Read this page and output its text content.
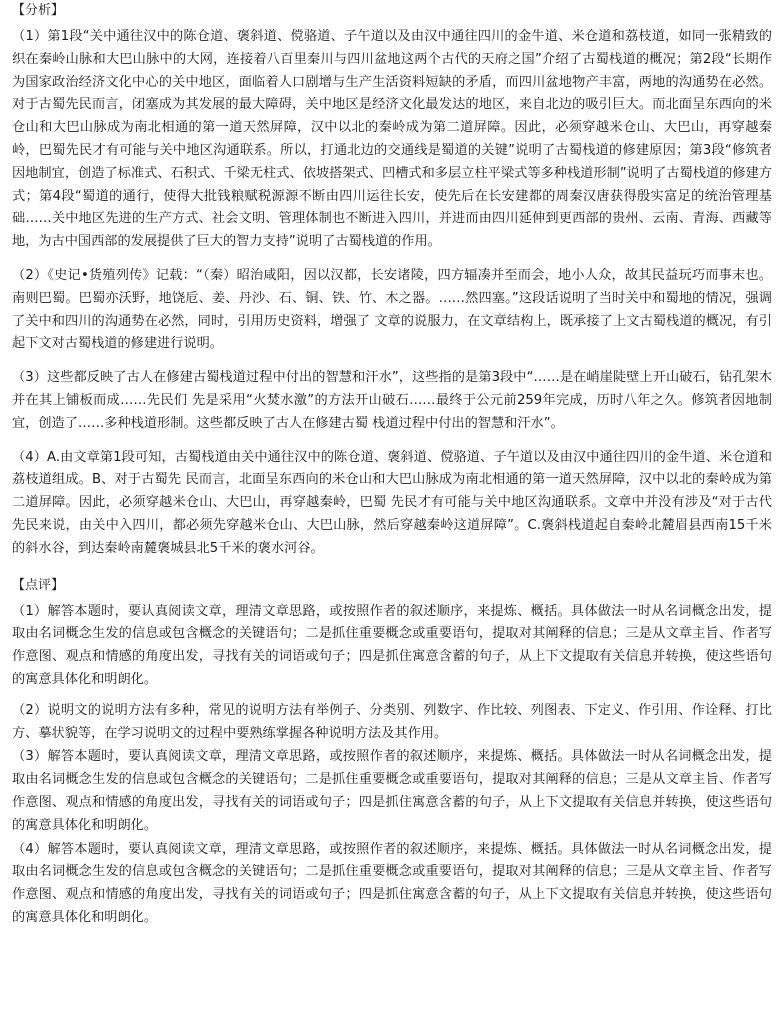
【分析】

（1）第1段“关中通往汉中的陈仓道、褒斜道、傥骆道、子午道以及由汉中通往四川的金牛道、米仓道和荔枝道，如同一张精致的织在秦岭山脉和大巴山脉中的大网，连接着八百里秦川与四川盆地这两个古代的天府之国”介绍了古蜀栈道的概况；第2段“长期作为国家政治经济文化中心的关中地区，面临着人口剧增与生产生活资料短缺的矛盾，而四川盆地物产丰富，两地的沟通势在必然。对于古蜀先民而言，闭塞成为其发展的最大障碍，关中地区是经济文化最发达的地区，来自北边的吸引巨大。而北面呈东西向的米仓山和大巴山脉成为南北相通的第一道天然屏障，汉中以北的秦岭成为第二道屏障。因此，必须穿越米仓山、大巴山，再穿越秦岭，巴蜀先民才有可能与关中地区沟通联系。所以，打通北边的交通线是蜀道的关键”说明了古蜀栈道的修建原因；第3段“修筑者因地制宜，创造了标准式、石积式、千梁无柱式、依坡搭架式、凹槽式和多层立柱平梁式等多种栈道形制”说明了古蜀栈道的修建方式；第4段“蜀道的通行，使得大批钱粮赋税源源不断由四川运往长安，使先后在长安建都的周秦汉唐获得殷实富足的统治管理基础……关中地区先进的生产方式、社会文明、管理体制也不断进入四川，并进而由四川延伸到更西部的贵州、云南、青海、西藏等地，为古中国西部的发展提供了巨大的智力支持”说明了古蜀栈道的作用。

（2）《史记•货殖列传》记载：“（秦）昭治咸阳，因以汉都，长安诸陵，四方辐凑并至而会，地小人众，故其民益玩巧而事末也。南则巴蜀。巴蜀亦沃野，地饶卮、姜、丹沙、石、铜、铁、竹、木之器。……然四塞。”这段话说明了当时关中和蜀地的情况，强调了关中和四川的沟通势在必然，同时，引用历史资料，增强了 文章的说服力，在文章结构上，既承接了上文古蜀栈道的概况，有引起下文对古蜀栈道的修建进行说明。

（3）这些都反映了古人在修建古蜀栈道过程中付出的智慧和汗水”，这些指的是第3段中“……是在峭崖陡壁上开山破石，钻孔架木并在其上铺板而成……先民们 先是采用“火焚水激”的方法开山破石……最终于公元前259年完成，历时八年之久。修筑者因地制宜，创造了……多种栈道形制。这些都反映了古人在修建古蜀 栈道过程中付出的智慧和汗水”。

（4）A.由文章第1段可知，古蜀栈道由关中通往汉中的陈仓道、褒斜道、傥骆道、子午道以及由汉中通往四川的金牛道、米仓道和荔枝道组成。B、对于古蜀先 民而言，北面呈东西向的米仓山和大巴山脉成为南北相通的第一道天然屏障，汉中以北的秦岭成为第二道屏障。因此，必须穿越米仓山、大巴山，再穿越秦岭，巴蜀 先民才有可能与关中地区沟通联系。文章中并没有涉及“对于古代先民来说，由关中入四川，都必须先穿越米仓山、大巴山脉，然后穿越秦岭这道屏障”。C.褒斜栈道起自秦岭北麓眉县西南15千米的斜水谷，到达秦岭南麓褒城县北5千米的褒水河谷。

【点评】

（1）解答本题时，要认真阅读文章，理清文章思路，或按照作者的叙述顺序，来提炼、概括。具体做法一时从名词概念出发，提取由名词概念生发的信息或包含概念的关键语句；二是抓住重要概念或重要语句，提取对其阐释的信息；三是从文章主旨、作者写作意图、观点和情感的角度出发，寻找有关的词语或句子；四是抓住寓意含蓄的句子，从上下文提取有关信息并转换，使这些语句的寓意具体化和明朗化。

（2）说明文的说明方法有多种，常见的说明方法有举例子、分类别、列数字、作比较、列图表、下定义、作引用、作诠释、打比方、摹状貌等，在学习说明文的过程中要熟练掌握各种说明方法及其作用。

（3）解答本题时，要认真阅读文章，理清文章思路，或按照作者的叙述顺序，来提炼、概括。具体做法一时从名词概念出发，提取由名词概念生发的信息或包含概念的关键语句；二是抓住重要概念或重要语句，提取对其阐释的信息；三是从文章主旨、作者写作意图、观点和情感的角度出发，寻找有关的词语或句子；四是抓住寓意含蓄的句子，从上下文提取有关信息并转换，使这些语句的寓意具体化和明朗化。

（4）解答本题时，要认真阅读文章，理清文章思路，或按照作者的叙述顺序，来提炼、概括。具体做法一时从名词概念出发，提取由名词概念生发的信息或包含概念的关键语句；二是抓住重要概念或重要语句，提取对其阐释的信息；三是从文章主旨、作者写作意图、观点和情感的角度出发，寻找有关的词语或句子；四是抓住寓意含蓄的句子，从上下文提取有关信息并转换，使这些语句的寓意具体化和明朗化。
